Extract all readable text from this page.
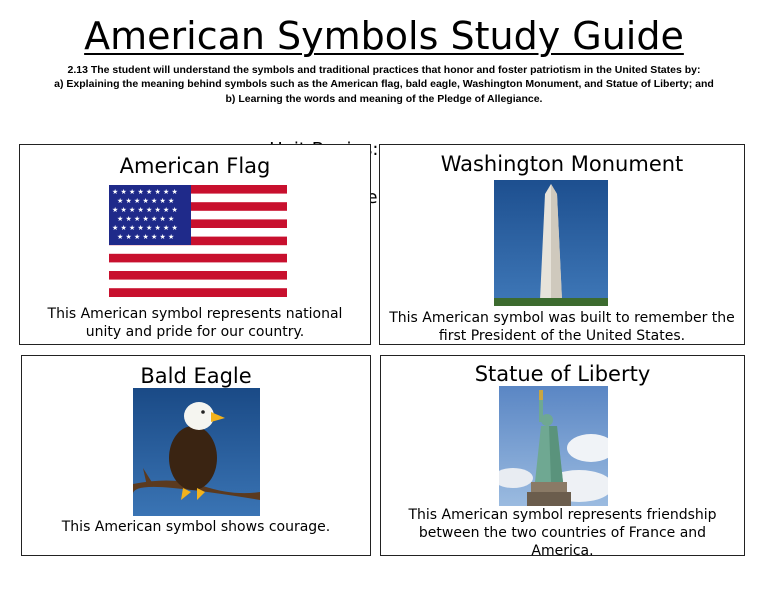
American Symbols Study Guide
2.13 The student will understand the symbols and traditional practices that honor and foster patriotism in the United States by:
a) Explaining the meaning behind symbols such as the American flag, bald eagle, Washington Monument, and Statue of Liberty; and
b) Learning the words and meaning of the Pledge of Allegiance.

American Flag
★ ★ ★ ★ ★ ★ ★ ★
★ ★ ★ ★ ★ ★ ★
★ ★ ★ ★ ★ ★ ★ ★
★ ★ ★ ★ ★ ★ ★
★ ★ ★ ★ ★ ★ ★ ★
★ ★ ★ ★ ★ ★ ★
This American symbol represents national unity and pride for our country.
Washington Monument
This American symbol was built to remember the first President of the United States.
Bald Eagle
This American symbol shows courage.
Statue of Liberty
This American symbol represents friendship between the two countries of France and America.
